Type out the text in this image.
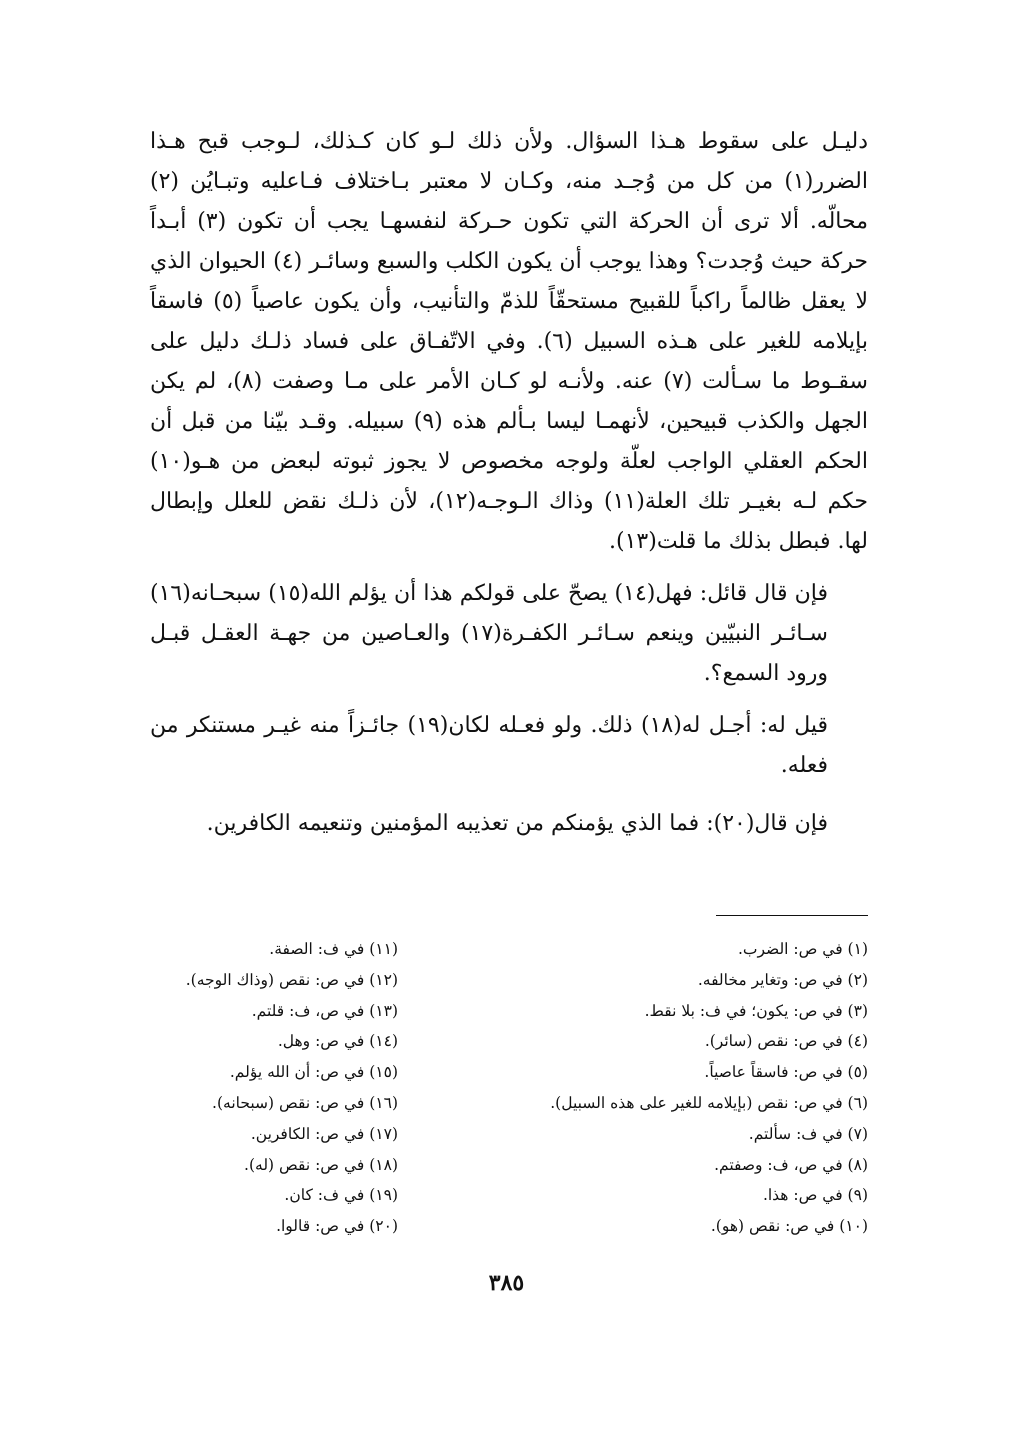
دليـل على سقوط هـذا السؤال. ولأن ذلك لـو كان كـذلك، لـوجب قبح هـذا الضرر(١) من كل من وُجـد منه، وكـان لا معتبر بـاختلاف فـاعليه وتبـايُن (٢) محالّه. ألا ترى أن الحركة التي تكون حـركة لنفسهـا يجب أن تكون (٣) أبـداً حركة حيث وُجدت؟ وهذا يوجب أن يكون الكلب والسبع وسائـر (٤) الحيوان الذي لا يعقل ظالماً راكباً للقبيح مستحقّاً للذمّ والتأنيب، وأن يكون عاصياً (٥) فاسقاً بإيلامه للغير على هـذه السبيل (٦). وفي الاتّفـاق على فساد ذلـك دليل على سقـوط ما سـألت (٧) عنه. ولأنـه لو كـان الأمر على مـا وصفت (٨)، لم يكن الجهل والكذب قبيحين، لأنهمـا ليسا بـألم هذه (٩) سبيله. وقـد بيّنا من قبل أن الحكم العقلي الواجب لعلّة ولوجه مخصوص لا يجوز ثبوته لبعض من هـو(١٠) حكم لـه بغيـر تلك العلة(١١) وذاك الـوجـه(١٢)، لأن ذلـك نقض للعلل وإبطال لها. فبطل بذلك ما قلت(١٣).

فإن قال قائل: فهل(١٤) يصحّ على قولكم هذا أن يؤلم الله(١٥) سبحـانه(١٦) سـائـر النبيّين وينعم سـائـر الكفـرة(١٧) والعـاصين من جهـة العقـل قبـل ورود السمع؟.

قيل له: أجـل له(١٨) ذلك. ولو فعـله لكان(١٩) جائـزاً منه غيـر مستنكر من فعله.

فإن قال(٢٠): فما الذي يؤمنكم من تعذيبه المؤمنين وتنعيمه الكافرين.

(١) في ص: الضرب.
(٢) في ص: وتغاير مخالفه.
(٣) في ص: يكون؛ في ف: بلا نقط.
(٤) في ص: نقص (سائر).
(٥) في ص: فاسقاً عاصياً.
(٦) في ص: نقص (بإيلامه للغير على هذه السبيل).
(٧) في ف: سألتم.
(٨) في ص، ف: وصفتم.
(٩) في ص: هذا.
(١٠) في ص: نقص (هو).
(١١) في ف: الصفة.
(١٢) في ص: نقص (وذاك الوجه).
(١٣) في ص، ف: قلتم.
(١٤) في ص: وهل.
(١٥) في ص: أن الله يؤلم.
(١٦) في ص: نقص (سبحانه).
(١٧) في ص: الكافرين.
(١٨) في ص: نقص (له).
(١٩) في ف: كان.
(٢٠) في ص: قالوا.
٣٨٥
